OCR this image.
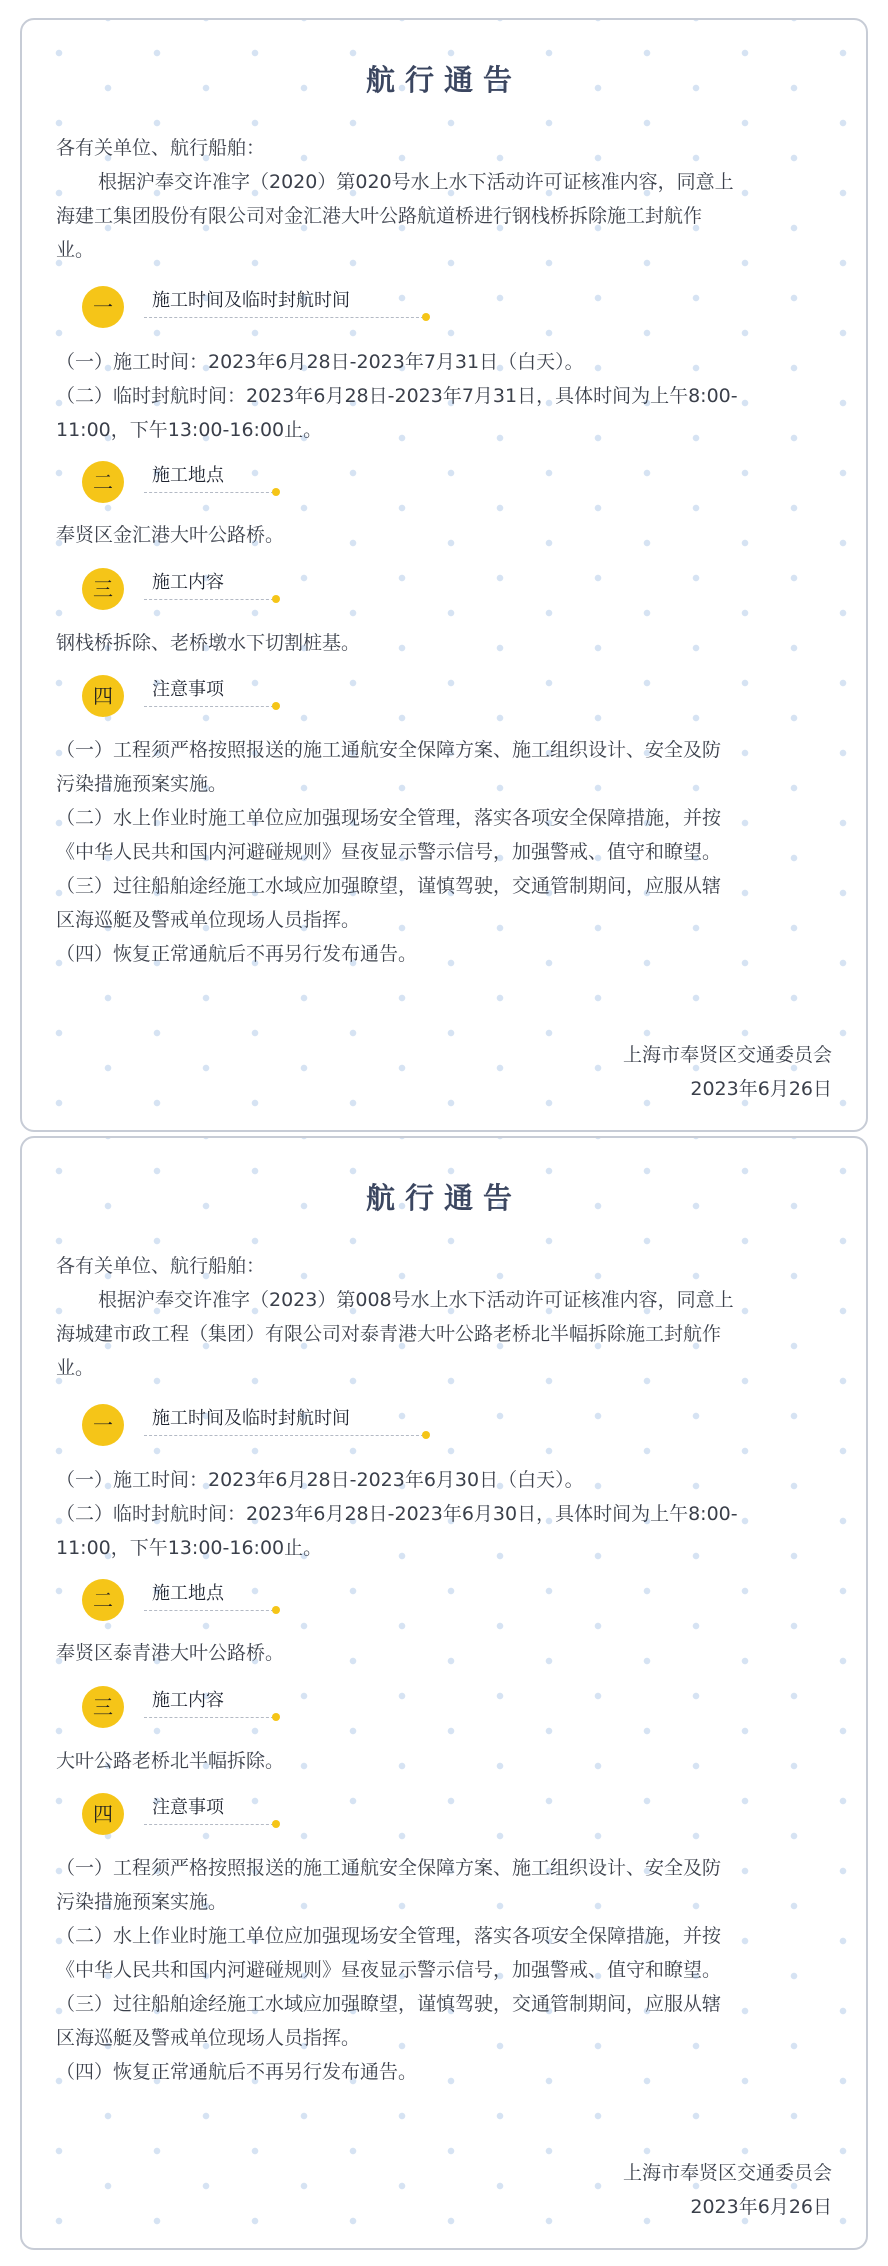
航行通告
各有关单位、航行船舶：
根据沪奉交许准字（2020）第020号水上水下活动许可证核准内容，同意上
海建工集团股份有限公司对金汇港大叶公路航道桥进行钢栈桥拆除施工封航作
业。
一	施工时间及临时封航时间
（一）施工时间：2023年6月28日-2023年7月31日（白天）。
（二）临时封航时间：2023年6月28日-2023年7月31日，具体时间为上午8:00-
11:00，下午13:00-16:00止。
二	施工地点
奉贤区金汇港大叶公路桥。
三	施工内容
钢栈桥拆除、老桥墩水下切割桩基。
四	注意事项
（一）工程须严格按照报送的施工通航安全保障方案、施工组织设计、安全及防
污染措施预案实施。
（二）水上作业时施工单位应加强现场安全管理，落实各项安全保障措施，并按
《中华人民共和国内河避碰规则》昼夜显示警示信号，加强警戒、值守和瞭望。
（三）过往船舶途经施工水域应加强瞭望，谨慎驾驶，交通管制期间，应服从辖
区海巡艇及警戒单位现场人员指挥。
（四）恢复正常通航后不再另行发布通告。
上海市奉贤区交通委员会
2023年6月26日
航行通告
各有关单位、航行船舶：
根据沪奉交许准字（2023）第008号水上水下活动许可证核准内容，同意上
海城建市政工程（集团）有限公司对泰青港大叶公路老桥北半幅拆除施工封航作
业。
一	施工时间及临时封航时间
（一）施工时间：2023年6月28日-2023年6月30日（白天）。
（二）临时封航时间：2023年6月28日-2023年6月30日，具体时间为上午8:00-
11:00，下午13:00-16:00止。
二	施工地点
奉贤区泰青港大叶公路桥。
三	施工内容
大叶公路老桥北半幅拆除。
四	注意事项
（一）工程须严格按照报送的施工通航安全保障方案、施工组织设计、安全及防
污染措施预案实施。
（二）水上作业时施工单位应加强现场安全管理，落实各项安全保障措施，并按
《中华人民共和国内河避碰规则》昼夜显示警示信号，加强警戒、值守和瞭望。
（三）过往船舶途经施工水域应加强瞭望，谨慎驾驶，交通管制期间，应服从辖
区海巡艇及警戒单位现场人员指挥。
（四）恢复正常通航后不再另行发布通告。
上海市奉贤区交通委员会
2023年6月26日
